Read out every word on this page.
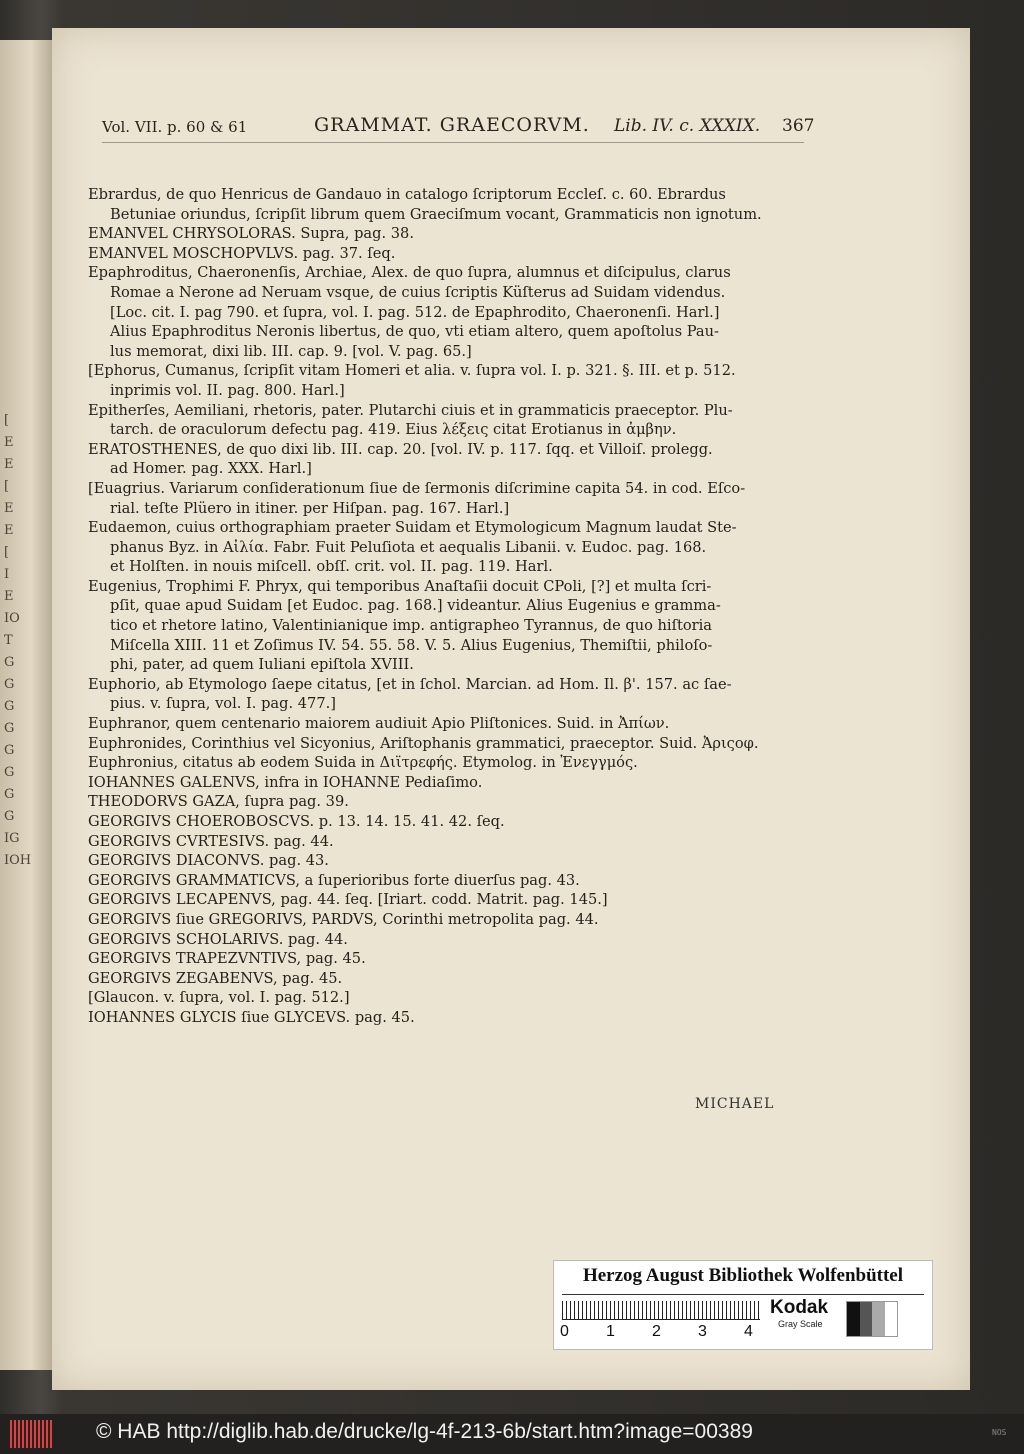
[
E
E
[
E
E
[
I
E
IO
T
G
G
G
G
G
G
G
G
IG
IOH
Vol. VII. p. 60 & 61	GRAMMAT. GRAECORVM. Lib. IV. c. XXXIX. 367
Ebrardus, de quo Henricus de Gandauo in catalogo ſcriptorum Eccleſ. c. 60. Ebrardus
Betuniae oriundus, ſcripſit librum quem Graeciſmum vocant, Grammaticis non ignotum.
EMANVEL CHRYSOLORAS. Supra, pag. 38.
EMANVEL MOSCHOPVLVS. pag. 37. ſeq.
Epaphroditus, Chaeronenſis, Archiae, Alex. de quo ſupra, alumnus et diſcipulus, clarus
Romae a Nerone ad Neruam vsque, de cuius ſcriptis Küſterus ad Suidam videndus.
[Loc. cit. I. pag 790. et ſupra, vol. I. pag. 512. de Epaphrodito, Chaeronenſi. Harl.]
Alius Epaphroditus Neronis libertus, de quo, vti etiam altero, quem apoſtolus Pau-
lus memorat, dixi lib. III. cap. 9. [vol. V. pag. 65.]
[Ephorus, Cumanus, ſcripſit vitam Homeri et alia. v. ſupra vol. I. p. 321. §. III. et p. 512.
inprimis vol. II. pag. 800. Harl.]
Epitherſes, Aemiliani, rhetoris, pater. Plutarchi ciuis et in grammaticis praeceptor. Plu-
tarch. de oraculorum defectu pag. 419. Eius λέξεις citat Erotianus in ἀμβην.
ERATOSTHENES, de quo dixi lib. III. cap. 20. [vol. IV. p. 117. ſqq. et Villoiſ. prolegg.
ad Homer. pag. XXX. Harl.]
[Euagrius. Variarum conſiderationum ſiue de ſermonis diſcrimine capita 54. in cod. Eſco-
rial. teſte Plüero in itiner. per Hiſpan. pag. 167. Harl.]
Eudaemon, cuius orthographiam praeter Suidam et Etymologicum Magnum laudat Ste-
phanus Byz. in Αἰλία. Fabr. Fuit Peluſiota et aequalis Libanii. v. Eudoc. pag. 168.
et Holſten. in nouis miſcell. obſſ. crit. vol. II. pag. 119. Harl.
Eugenius, Trophimi F. Phryx, qui temporibus Anaſtaſii docuit CPoli, [?] et multa ſcri-
pſit, quae apud Suidam [et Eudoc. pag. 168.] videantur. Alius Eugenius e gramma-
tico et rhetore latino, Valentinianique imp. antigrapheo Tyrannus, de quo hiſtoria
Miſcella XIII. 11 et Zoſimus IV. 54. 55. 58. V. 5. Alius Eugenius, Themiſtii, philoſo-
phi, pater, ad quem Iuliani epiſtola XVIII.
Euphorio, ab Etymologo ſaepe citatus, [et in ſchol. Marcian. ad Hom. Il. β'. 157. ac ſae-
pius. v. ſupra, vol. I. pag. 477.]
Euphranor, quem centenario maiorem audiuit Apio Pliſtonices. Suid. in Ἀπίων.
Euphronides, Corinthius vel Sicyonius, Ariſtophanis grammatici, praeceptor. Suid. Ἀριςοφ.
Euphronius, citatus ab eodem Suida in Διϊτρεφής. Etymolog. in Ἐνεγγμός.
IOHANNES GALENVS, infra in IOHANNE Pediaſimo.
THEODORVS GAZA, ſupra pag. 39.
GEORGIVS CHOEROBOSCVS. p. 13. 14. 15. 41. 42. ſeq.
GEORGIVS CVRTESIVS. pag. 44.
GEORGIVS DIACONVS. pag. 43.
GEORGIVS GRAMMATICVS, a ſuperioribus forte diuerſus pag. 43.
GEORGIVS LECAPENVS, pag. 44. ſeq. [Iriart. codd. Matrit. pag. 145.]
GEORGIVS ſiue GREGORIVS, PARDVS, Corinthi metropolita pag. 44.
GEORGIVS SCHOLARIVS. pag. 44.
GEORGIVS TRAPEZVNTIVS, pag. 45.
GEORGIVS ZEGABENVS, pag. 45.
[Glaucon. v. ſupra, vol. I. pag. 512.]
IOHANNES GLYCIS ſiue GLYCEVS. pag. 45.
MICHAEL
Herzog August Bibliothek Wolfenbüttel
0 1 2 3 4
Kodak
Gray Scale
© HAB http://diglib.hab.de/drucke/lg-4f-213-6b/start.htm?image=00389	NOS
